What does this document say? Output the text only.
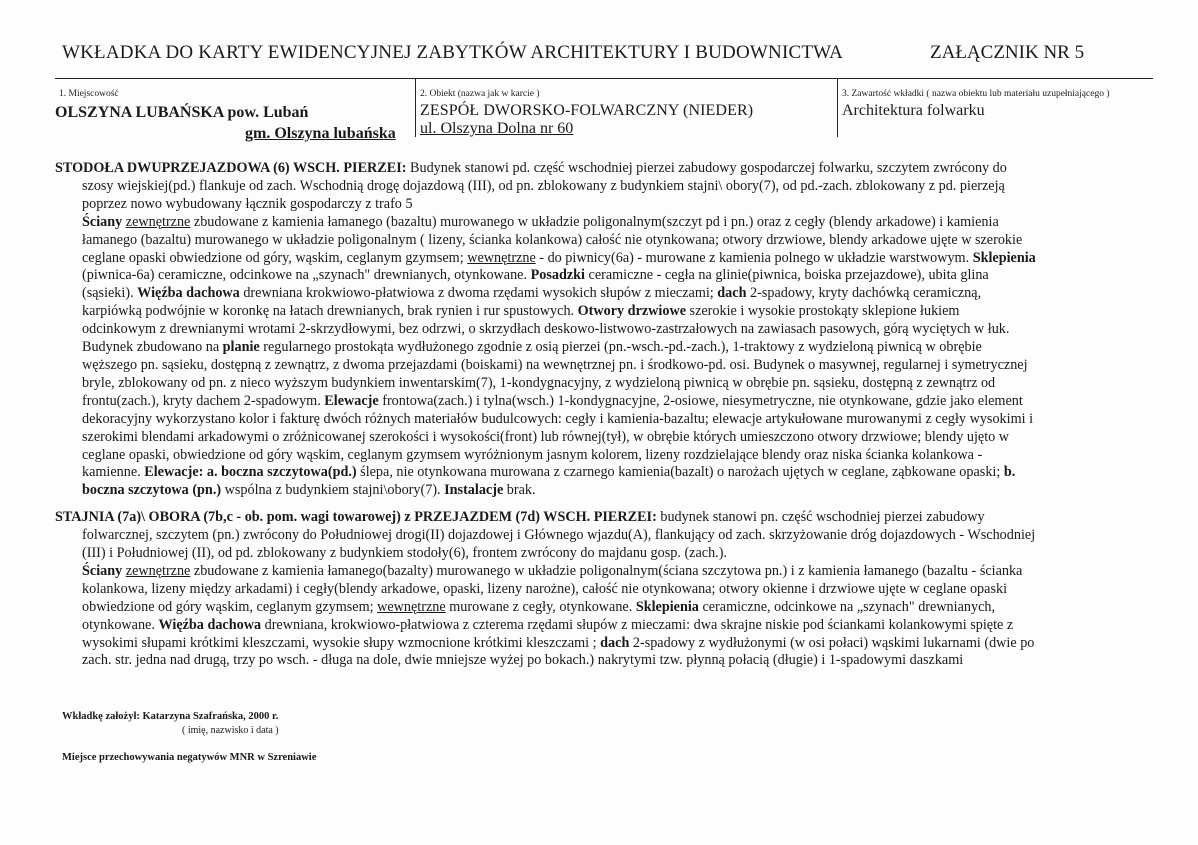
WKŁADKA DO KARTY EWIDENCYJNEJ ZABYTKÓW ARCHITEKTURY I BUDOWNICTWA	ZAŁĄCZNIK NR 5
1. Miejscowość
OLSZYNA LUBAŃSKA pow. Lubań
gm. Olszyna lubańska
2. Obiekt (nazwa jak w karcie )
ZESPÓŁ DWORSKO-FOLWARCZNY (NIEDER)
ul. Olszyna Dolna nr 60
3. Zawartość wkładki ( nazwa obiektu lub materiału uzupełniającego )
Architektura folwarku
STODOŁA DWUPRZEJAZDOWA (6) WSCH. PIERZEI: Budynek stanowi pd. część wschodniej pierzei zabudowy gospodarczej folwarku, szczytem zwrócony do
szosy wiejskiej(pd.) flankuje od zach. Wschodnią drogę dojazdową (III), od pn. zblokowany z budynkiem stajni\ obory(7), od pd.-zach. zblokowany z pd. pierzeją
poprzez nowo wybudowany łącznik gospodarczy z trafo 5
Ściany zewnętrzne zbudowane z kamienia łamanego (bazaltu) murowanego w układzie poligonalnym(szczyt pd i pn.) oraz z cegły (blendy arkadowe) i kamienia
łamanego (bazaltu) murowanego w układzie poligonalnym ( lizeny, ścianka kolankowa) całość nie otynkowana; otwory drzwiowe, blendy arkadowe ujęte w szerokie
ceglane opaski obwiedzione od góry, wąskim, ceglanym gzymsem; wewnętrzne - do piwnicy(6a) - murowane z kamienia polnego w układzie warstwowym. Sklepienia
(piwnica-6a) ceramiczne, odcinkowe na „szynach" drewnianych, otynkowane. Posadzki ceramiczne - cegła na glinie(piwnica, boiska przejazdowe), ubita glina
(sąsieki). Więźba dachowa drewniana krokwiowo-płatwiowa z dwoma rzędami wysokich słupów z mieczami; dach 2-spadowy, kryty dachówką ceramiczną,
karpiówką podwójnie w koronkę na łatach drewnianych, brak rynien i rur spustowych. Otwory drzwiowe szerokie i wysokie prostokąty sklepione łukiem
odcinkowym z drewnianymi wrotami 2-skrzydłowymi, bez odrzwi, o skrzydłach deskowo-listwowo-zastrzałowych na zawiasach pasowych, górą wyciętych w łuk.
Budynek zbudowano na planie regularnego prostokąta wydłużonego zgodnie z osią pierzei (pn.-wsch.-pd.-zach.), 1-traktowy z wydzieloną piwnicą w obrębie
węższego pn. sąsieku, dostępną z zewnątrz, z dwoma przejazdami (boiskami) na wewnętrznej pn. i środkowo-pd. osi. Budynek o masywnej, regularnej i symetrycznej
bryle, zblokowany od pn. z nieco wyższym budynkiem inwentarskim(7), 1-kondygnacyjny, z wydzieloną piwnicą w obrębie pn. sąsieku, dostępną z zewnątrz od
frontu(zach.), kryty dachem 2-spadowym. Elewacje frontowa(zach.) i tylna(wsch.) 1-kondygnacyjne, 2-osiowe, niesymetryczne, nie otynkowane, gdzie jako element
dekoracyjny wykorzystano kolor i fakturę dwóch różnych materiałów budulcowych: cegły i kamienia-bazaltu; elewacje artykułowane murowanymi z cegły wysokimi i
szerokimi blendami arkadowymi o zróżnicowanej szerokości i wysokości(front) lub równej(tył), w obrębie których umieszczono otwory drzwiowe; blendy ujęto w
ceglane opaski, obwiedzione od góry wąskim, ceglanym gzymsem wyróżnionym jasnym kolorem, lizeny rozdzielające blendy oraz niska ścianka kolankowa -
kamienne. Elewacje: a. boczna szczytowa(pd.) ślepa, nie otynkowana murowana z czarnego kamienia(bazalt) o narożach ujętych w ceglane, ząbkowane opaski; b.
boczna szczytowa (pn.) wspólna z budynkiem stajni\obory(7). Instalacje brak.
STAJNIA (7a)\ OBORA (7b,c - ob. pom. wagi towarowej) z PRZEJAZDEM (7d) WSCH. PIERZEI: budynek stanowi pn. część wschodniej pierzei zabudowy
folwarcznej, szczytem (pn.) zwrócony do Południowej drogi(II) dojazdowej i Głównego wjazdu(A), flankujący od zach. skrzyżowanie dróg dojazdowych - Wschodniej
(III) i Południowej (II), od pd. zblokowany z budynkiem stodoły(6), frontem zwrócony do majdanu gosp. (zach.).
Ściany zewnętrzne zbudowane z kamienia łamanego(bazalty) murowanego w układzie poligonalnym(ściana szczytowa pn.) i z kamienia łamanego (bazaltu - ścianka
kolankowa, lizeny między arkadami) i cegły(blendy arkadowe, opaski, lizeny narożne), całość nie otynkowana; otwory okienne i drzwiowe ujęte w ceglane opaski
obwiedzione od góry wąskim, ceglanym gzymsem; wewnętrzne murowane z cegły, otynkowane. Sklepienia ceramiczne, odcinkowe na „szynach" drewnianych,
otynkowane. Więźba dachowa drewniana, krokwiowo-płatwiowa z czterema rzędami słupów z mieczami: dwa skrajne niskie pod ściankami kolankowymi spięte z
wysokimi słupami krótkimi kleszczami, wysokie słupy wzmocnione krótkimi kleszczami ; dach 2-spadowy z wydłużonymi (w osi połaci) wąskimi lukarnami (dwie po
zach. str. jedna nad drugą, trzy po wsch. - długa na dole, dwie mniejsze wyżej po bokach.) nakrytymi tzw. płynną połacią (długie) i 1-spadowymi daszkami
Wkładkę założył: Katarzyna Szafrańska, 2000 r.
( imię, nazwisko i data )
Miejsce przechowywania negatywów MNR w Szreniawie
